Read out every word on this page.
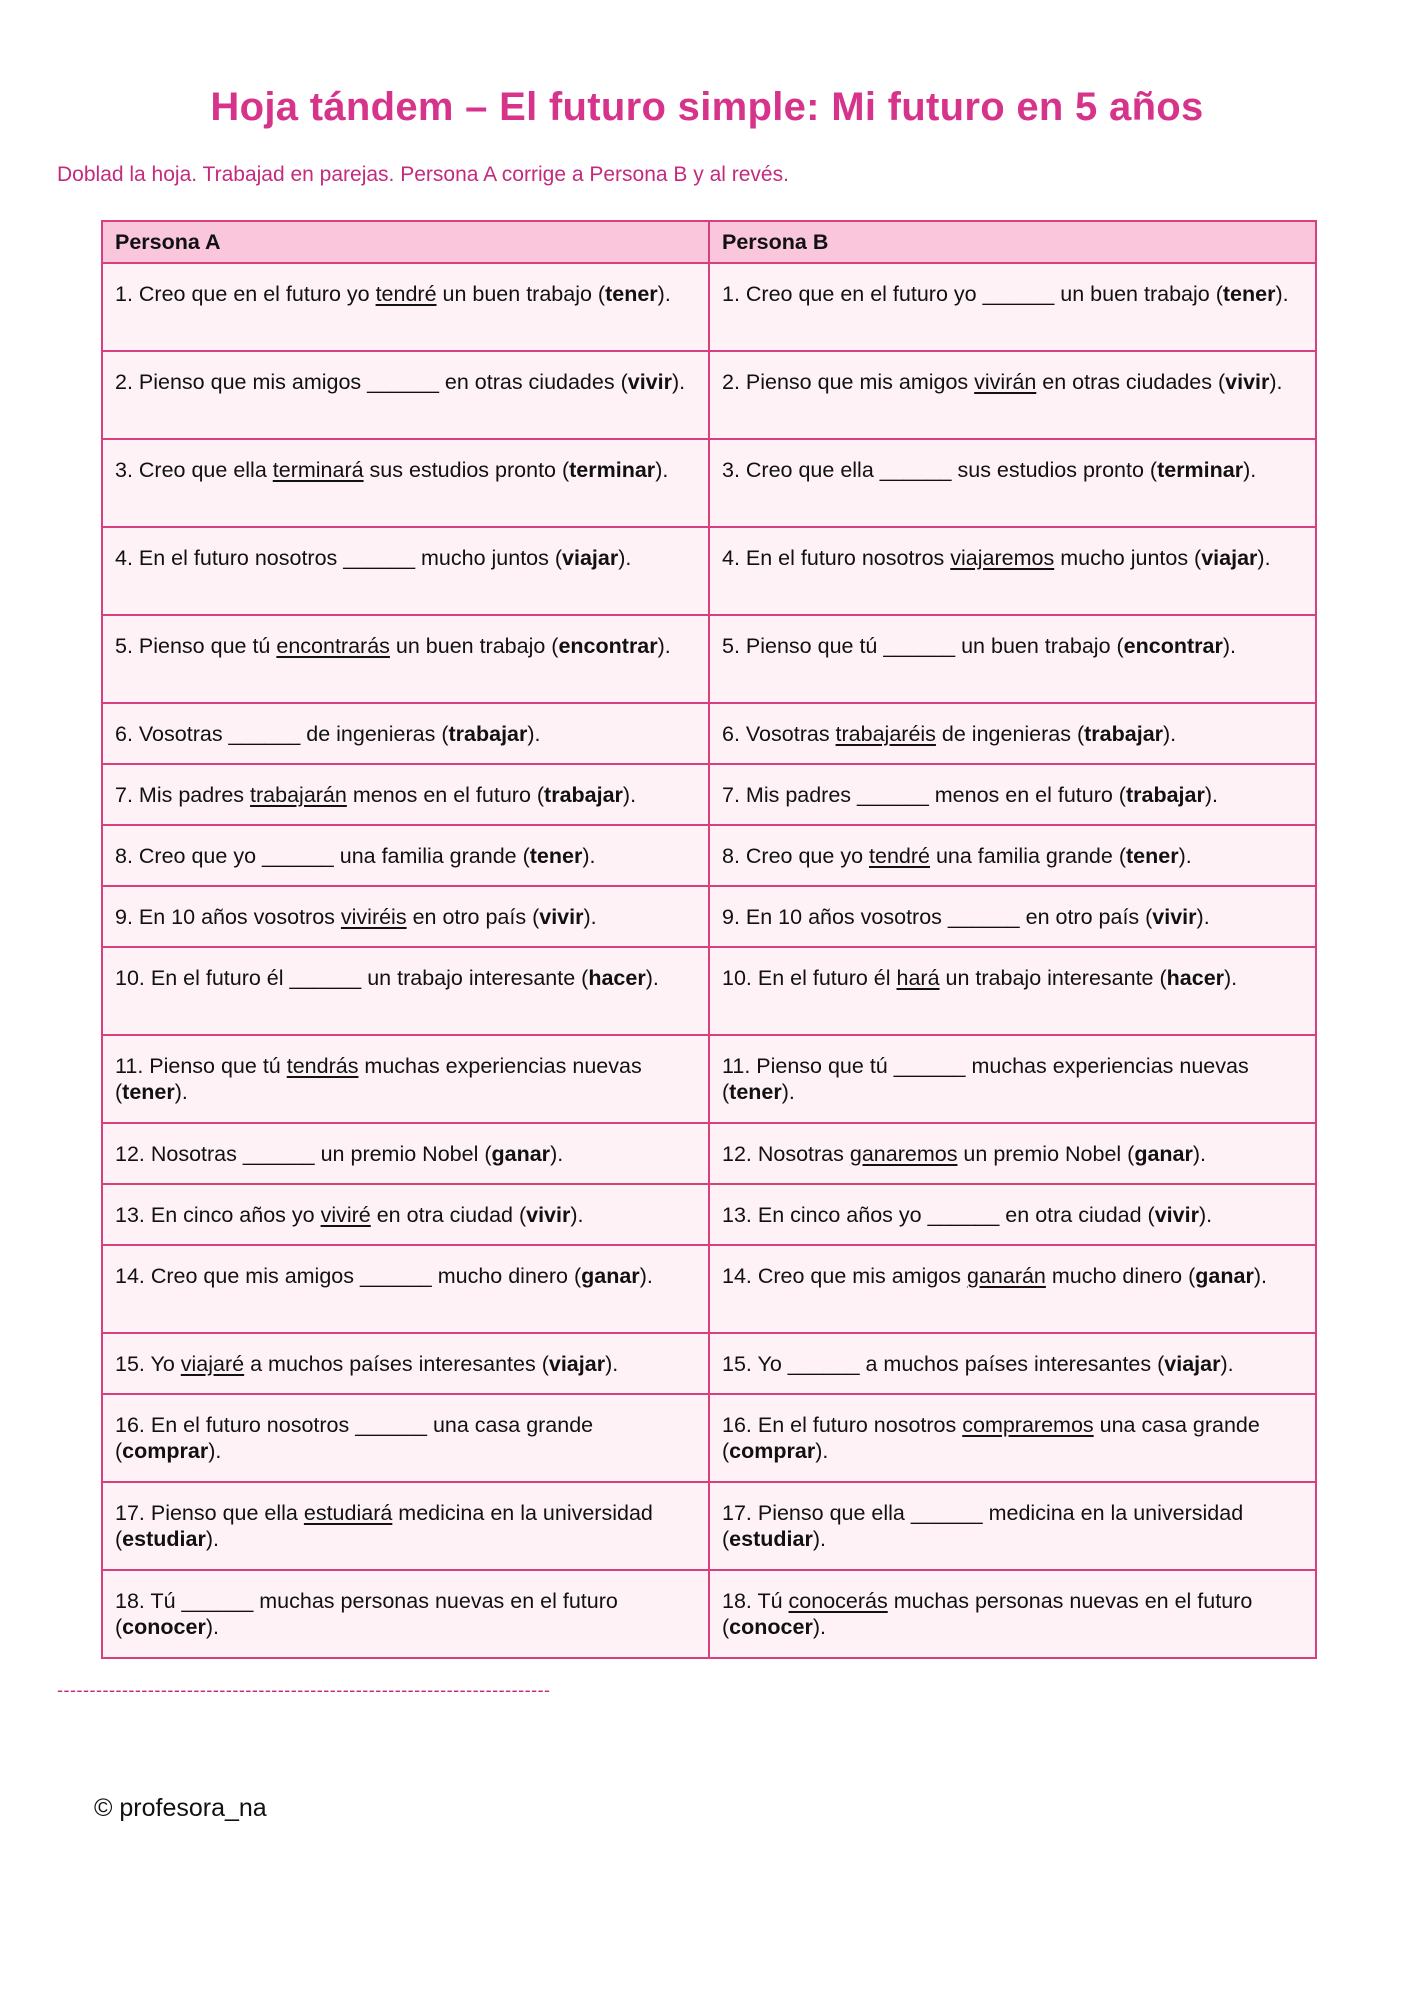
Hoja tándem – El futuro simple: Mi futuro en 5 años
Doblad la hoja. Trabajad en parejas. Persona A corrige a Persona B y al revés.
Persona A	Persona B
1. Creo que en el futuro yo tendré un buen trabajo (tener).	1. Creo que en el futuro yo ______ un buen trabajo (tener).
2. Pienso que mis amigos ______ en otras ciudades (vivir).	2. Pienso que mis amigos vivirán en otras ciudades (vivir).
3. Creo que ella terminará sus estudios pronto (terminar).	3. Creo que ella ______ sus estudios pronto (terminar).
4. En el futuro nosotros ______ mucho juntos (viajar).	4. En el futuro nosotros viajaremos mucho juntos (viajar).
5. Pienso que tú encontrarás un buen trabajo (encontrar).	5. Pienso que tú ______ un buen trabajo (encontrar).
6. Vosotras ______ de ingenieras (trabajar).	6. Vosotras trabajaréis de ingenieras (trabajar).
7. Mis padres trabajarán menos en el futuro (trabajar).	7. Mis padres ______ menos en el futuro (trabajar).
8. Creo que yo ______ una familia grande (tener).	8. Creo que yo tendré una familia grande (tener).
9. En 10 años vosotros viviréis en otro país (vivir).	9. En 10 años vosotros ______ en otro país (vivir).
10. En el futuro él ______ un trabajo interesante (hacer).	10. En el futuro él hará un trabajo interesante (hacer).
11. Pienso que tú tendrás muchas experiencias nuevas (tener).	11. Pienso que tú ______ muchas experiencias nuevas (tener).
12. Nosotras ______ un premio Nobel (ganar).	12. Nosotras ganaremos un premio Nobel (ganar).
13. En cinco años yo viviré en otra ciudad (vivir).	13. En cinco años yo ______ en otra ciudad (vivir).
14. Creo que mis amigos ______ mucho dinero (ganar).	14. Creo que mis amigos ganarán mucho dinero (ganar).
15. Yo viajaré a muchos países interesantes (viajar).	15. Yo ______ a muchos países interesantes (viajar).
16. En el futuro nosotros ______ una casa grande (comprar).	16. En el futuro nosotros compraremos una casa grande (comprar).
17. Pienso que ella estudiará medicina en la universidad (estudiar).	17. Pienso que ella ______ medicina en la universidad (estudiar).
18. Tú ______ muchas personas nuevas en el futuro (conocer).	18. Tú conocerás muchas personas nuevas en el futuro (conocer).
----------------------------------------------------------------------------
© profesora_na
